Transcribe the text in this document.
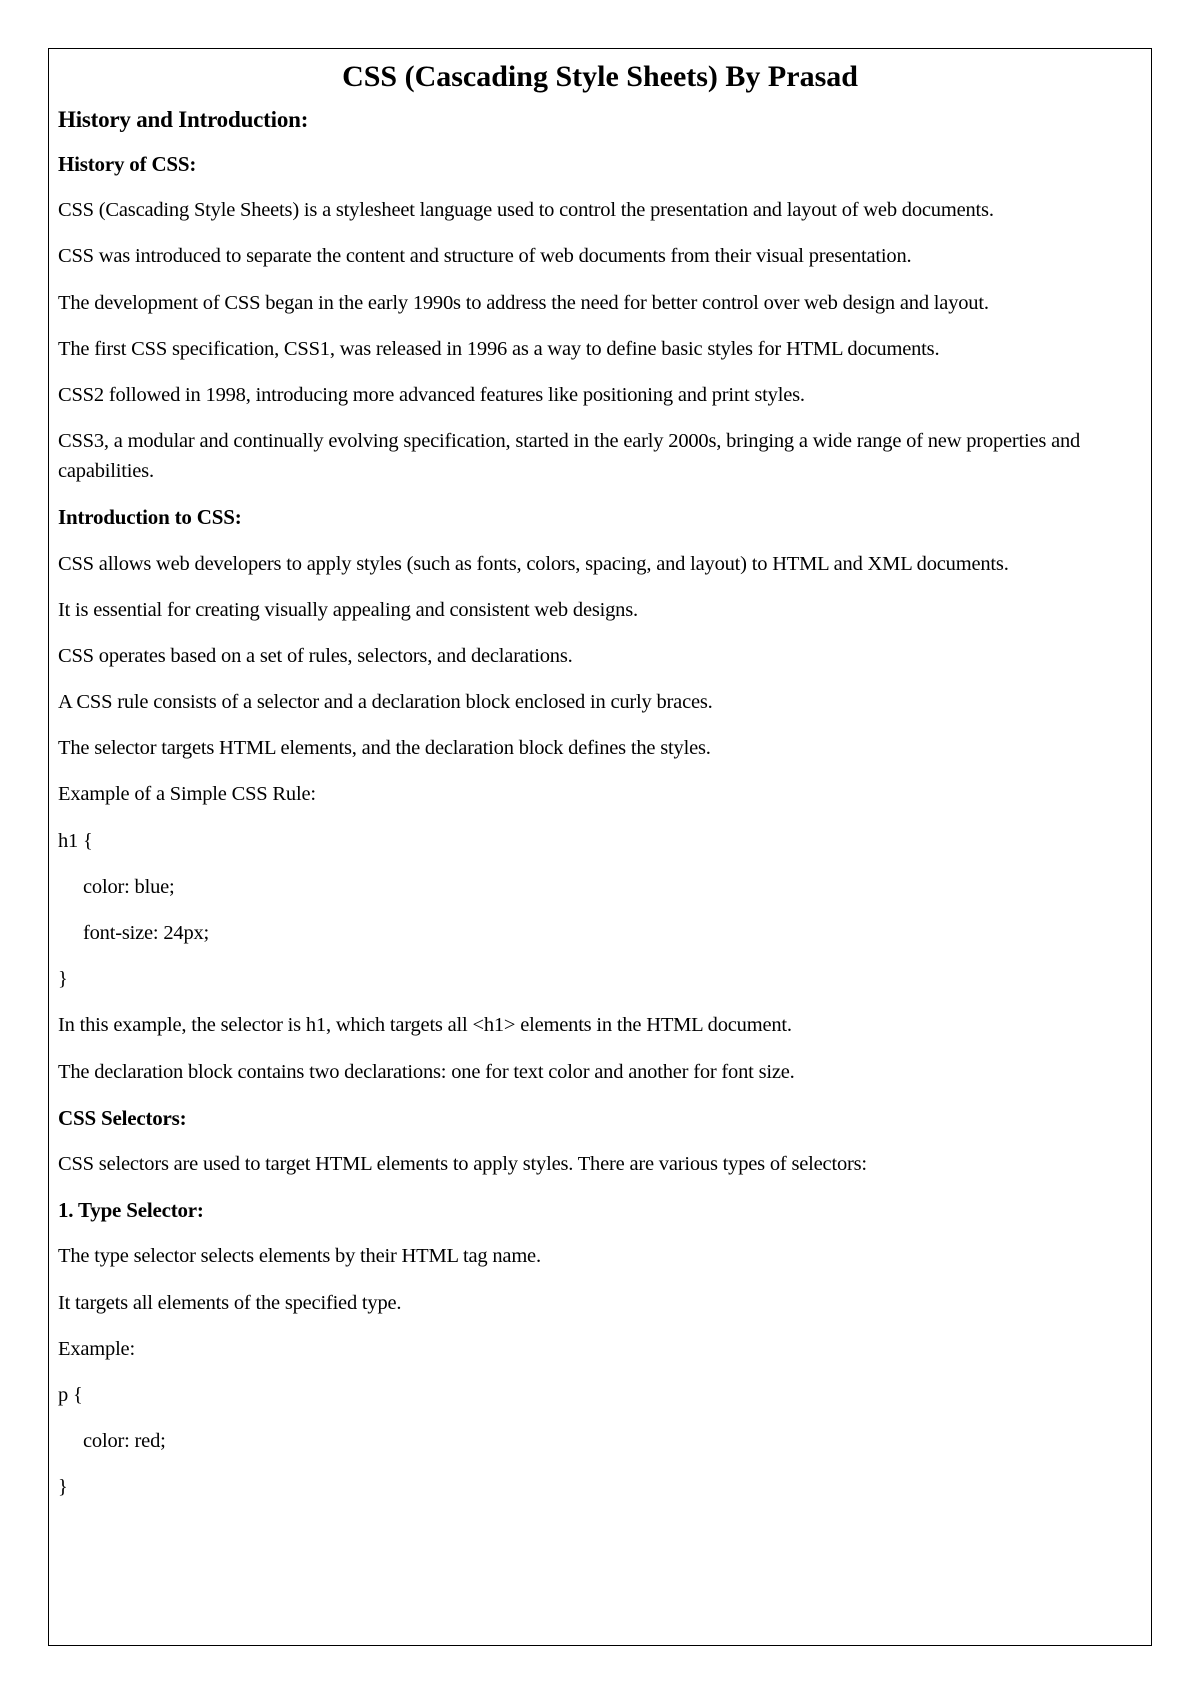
CSS (Cascading Style Sheets) By Prasad

History and Introduction:

History of CSS:

CSS (Cascading Style Sheets) is a stylesheet language used to control the presentation and layout of web documents.

CSS was introduced to separate the content and structure of web documents from their visual presentation.

The development of CSS began in the early 1990s to address the need for better control over web design and layout.

The first CSS specification, CSS1, was released in 1996 as a way to define basic styles for HTML documents.

CSS2 followed in 1998, introducing more advanced features like positioning and print styles.

CSS3, a modular and continually evolving specification, started in the early 2000s, bringing a wide range of new properties and capabilities.

Introduction to CSS:

CSS allows web developers to apply styles (such as fonts, colors, spacing, and layout) to HTML and XML documents.

It is essential for creating visually appealing and consistent web designs.

CSS operates based on a set of rules, selectors, and declarations.

A CSS rule consists of a selector and a declaration block enclosed in curly braces.

The selector targets HTML elements, and the declaration block defines the styles.

Example of a Simple CSS Rule:

h1 {

color: blue;

font-size: 24px;

}

In this example, the selector is h1, which targets all <h1> elements in the HTML document.

The declaration block contains two declarations: one for text color and another for font size.

CSS Selectors:

CSS selectors are used to target HTML elements to apply styles. There are various types of selectors:

1. Type Selector:

The type selector selects elements by their HTML tag name.

It targets all elements of the specified type.

Example:

p {

color: red;

}
